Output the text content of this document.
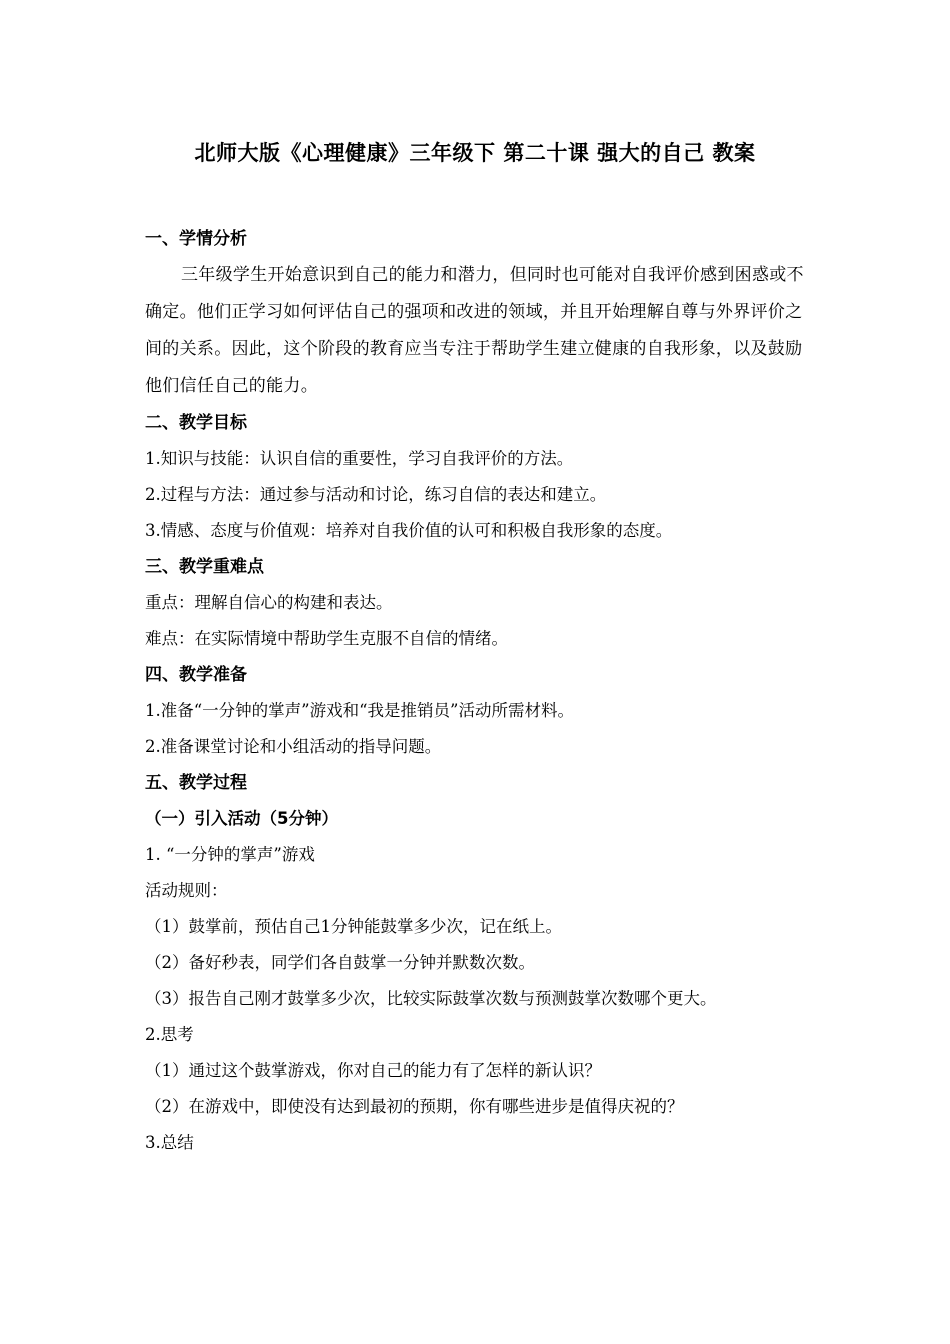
北师大版《心理健康》三年级下 第二十课 强大的自己 教案
一、学情分析
三年级学生开始意识到自己的能力和潜力，但同时也可能对自我评价感到困惑或不确定。他们正学习如何评估自己的强项和改进的领域，并且开始理解自尊与外界评价之间的关系。因此，这个阶段的教育应当专注于帮助学生建立健康的自我形象，以及鼓励他们信任自己的能力。
二、教学目标
1.知识与技能：认识自信的重要性，学习自我评价的方法。
2.过程与方法：通过参与活动和讨论，练习自信的表达和建立。
3.情感、态度与价值观：培养对自我价值的认可和积极自我形象的态度。
三、教学重难点
重点：理解自信心的构建和表达。
难点：在实际情境中帮助学生克服不自信的情绪。
四、教学准备
1.准备“一分钟的掌声”游戏和“我是推销员”活动所需材料。
2.准备课堂讨论和小组活动的指导问题。
五、教学过程
（一）引入活动（5分钟）
1. “一分钟的掌声”游戏
活动规则：
（1）鼓掌前，预估自己1分钟能鼓掌多少次，记在纸上。
（2）备好秒表，同学们各自鼓掌一分钟并默数次数。
（3）报告自己刚才鼓掌多少次，比较实际鼓掌次数与预测鼓掌次数哪个更大。
2.思考
（1）通过这个鼓掌游戏，你对自己的能力有了怎样的新认识？
（2）在游戏中，即使没有达到最初的预期，你有哪些进步是值得庆祝的？
3.总结
